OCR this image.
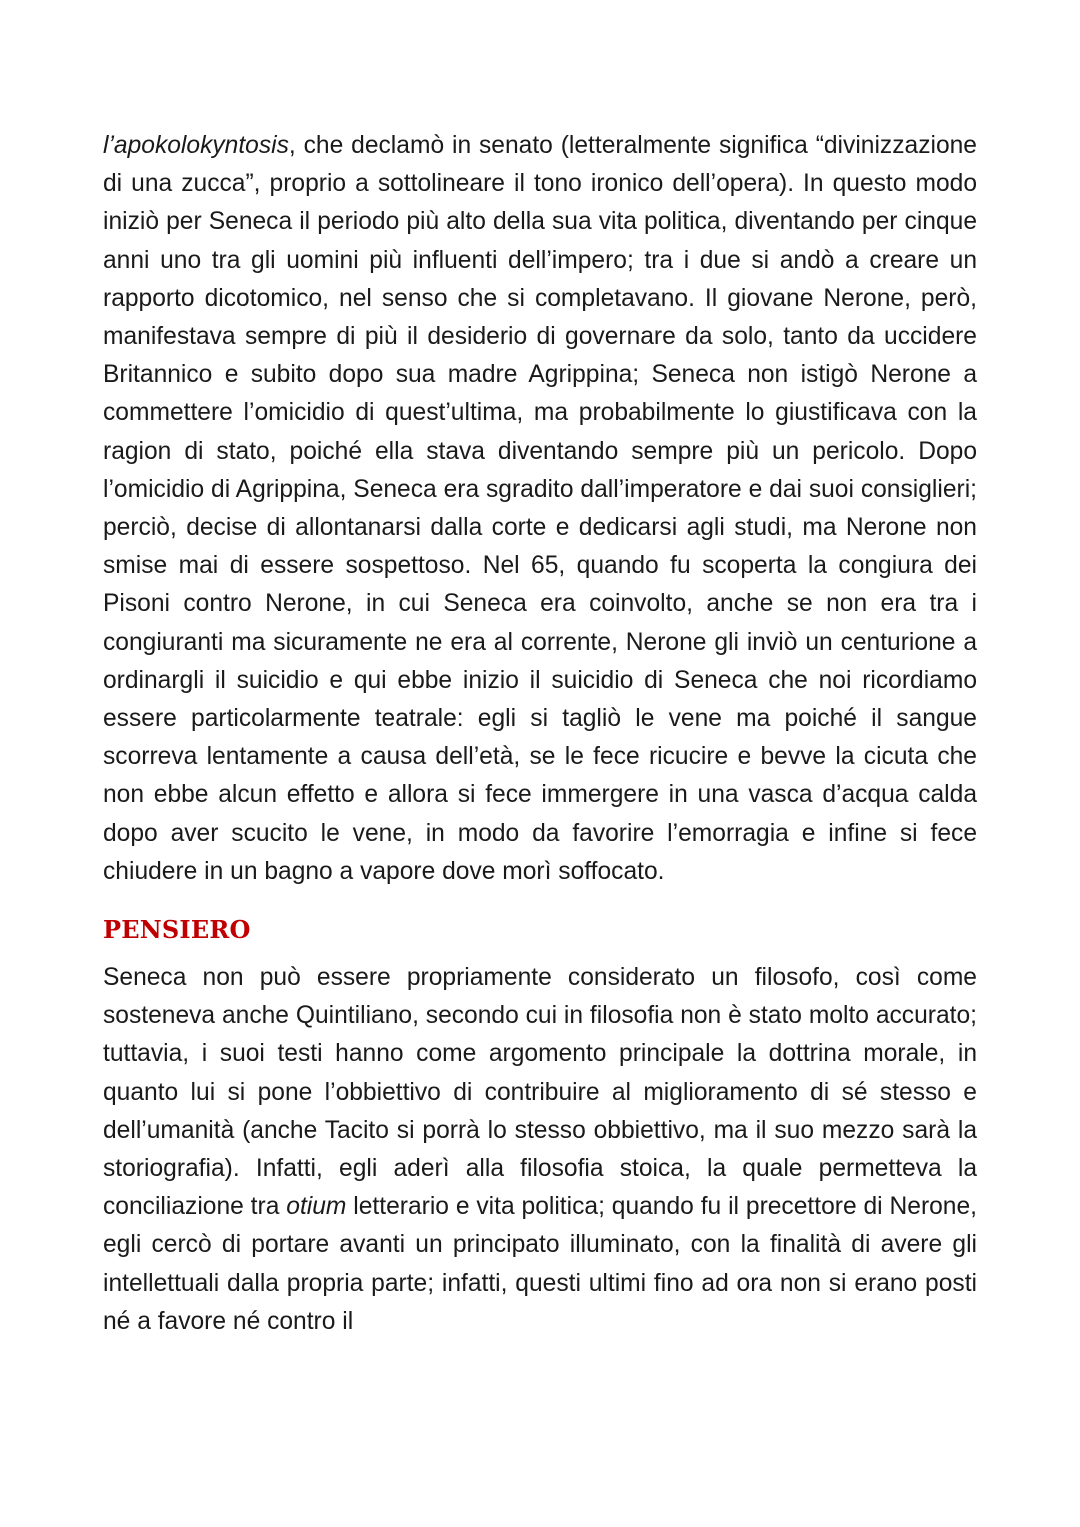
l’apokolokyntosis, che declamò in senato (letteralmente significa “divinizzazione di una zucca”, proprio a sottolineare il tono ironico dell’opera). In questo modo iniziò per Seneca il periodo più alto della sua vita politica, diventando per cinque anni uno tra gli uomini più influenti dell’impero; tra i due si andò a creare un rapporto dicotomico, nel senso che si completavano. Il giovane Nerone, però, manifestava sempre di più il desiderio di governare da solo, tanto da uccidere Britannico e subito dopo sua madre Agrippina; Seneca non istigò Nerone a commettere l’omicidio di quest’ultima, ma probabilmente lo giustificava con la ragion di stato, poiché ella stava diventando sempre più un pericolo. Dopo l’omicidio di Agrippina, Seneca era sgradito dall’imperatore e dai suoi consiglieri; perciò, decise di allontanarsi dalla corte e dedicarsi agli studi, ma Nerone non smise mai di essere sospettoso. Nel 65, quando fu scoperta la congiura dei Pisoni contro Nerone, in cui Seneca era coinvolto, anche se non era tra i congiuranti ma sicuramente ne era al corrente, Nerone gli inviò un centurione a ordinargli il suicidio e qui ebbe inizio il suicidio di Seneca che noi ricordiamo essere particolarmente teatrale: egli si tagliò le vene ma poiché il sangue scorreva lentamente a causa dell’età, se le fece ricucire e bevve la cicuta che non ebbe alcun effetto e allora si fece immergere in una vasca d’acqua calda dopo aver scucito le vene, in modo da favorire l’emorragia e infine si fece chiudere in un bagno a vapore dove morì soffocato.

PENSIERO

Seneca non può essere propriamente considerato un filosofo, così come sosteneva anche Quintiliano, secondo cui in filosofia non è stato molto accurato; tuttavia, i suoi testi hanno come argomento principale la dottrina morale, in quanto lui si pone l’obbiettivo di contribuire al miglioramento di sé stesso e dell’umanità (anche Tacito si porrà lo stesso obbiettivo, ma il suo mezzo sarà la storiografia). Infatti, egli aderì alla filosofia stoica, la quale permetteva la conciliazione tra otium letterario e vita politica; quando fu il precettore di Nerone, egli cercò di portare avanti un principato illuminato, con la finalità di avere gli intellettuali dalla propria parte; infatti, questi ultimi fino ad ora non si erano posti né a favore né contro il
